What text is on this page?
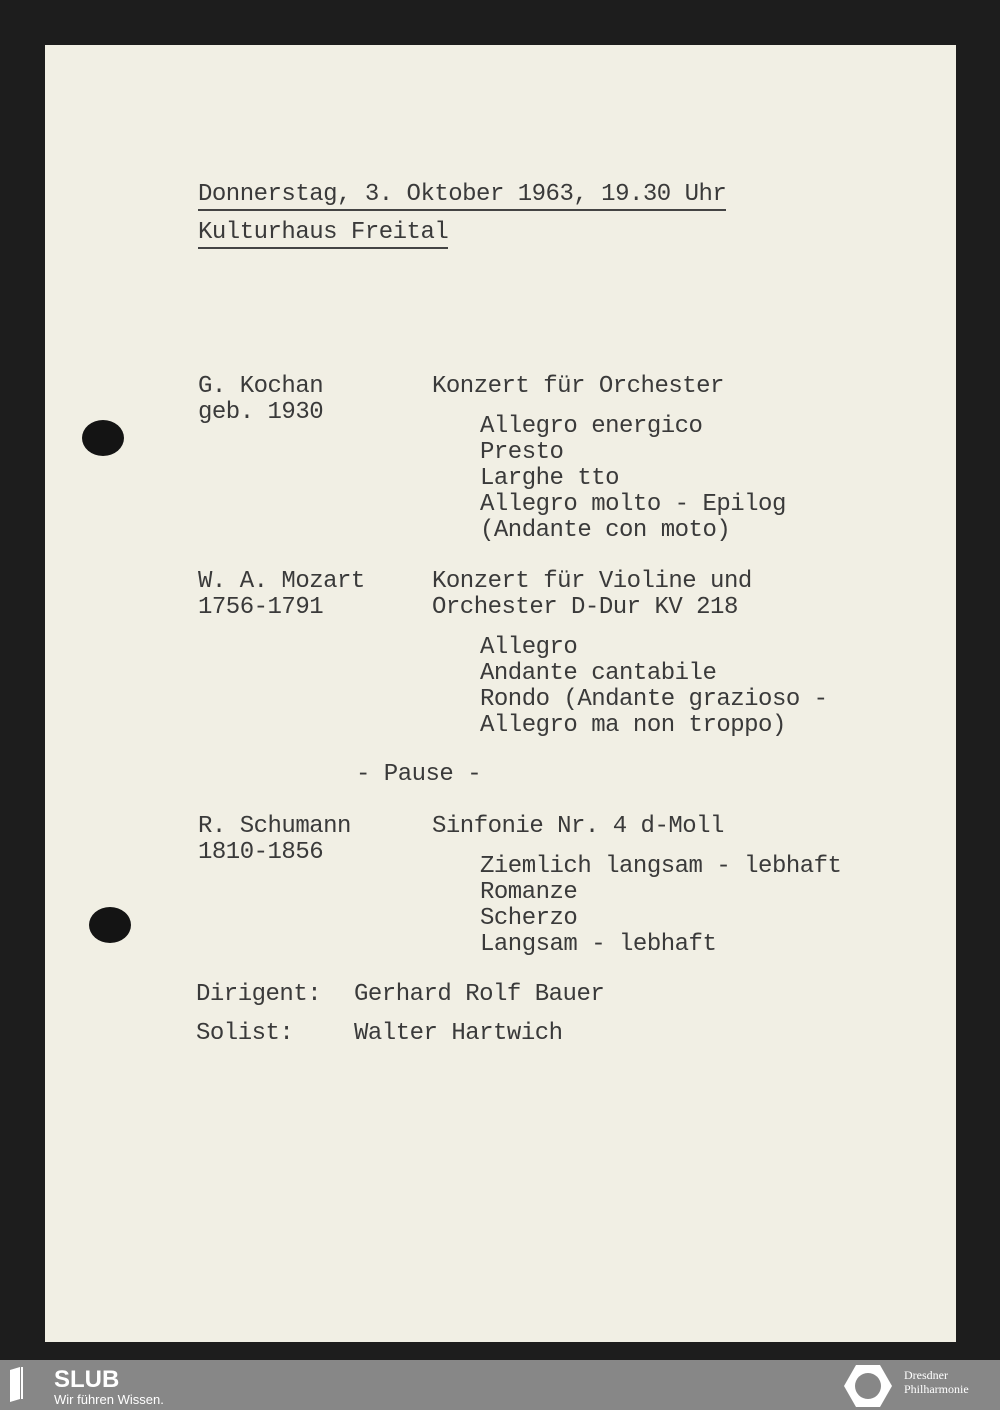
Donnerstag, 3. Oktober 1963, 19.30 Uhr
Kulturhaus Freital
G. Kochan
geb. 1930
Konzert für Orchester
Allegro energico
Presto
Larghe tto
Allegro molto - Epilog
(Andante con moto)
W. A. Mozart
1756-1791
Konzert für Violine und
Orchester D-Dur KV 218
Allegro
Andante cantabile
Rondo (Andante grazioso -
Allegro ma non troppo)
- Pause -
R. Schumann
1810-1856
Sinfonie Nr. 4 d-Moll
Ziemlich langsam - lebhaft
Romanze
Scherzo
Langsam - lebhaft
Dirigent: Gerhard Rolf Bauer
Solist:	Walter Hartwich
SLUB
Wir führen Wissen.
Dresdner
Philharmonie
